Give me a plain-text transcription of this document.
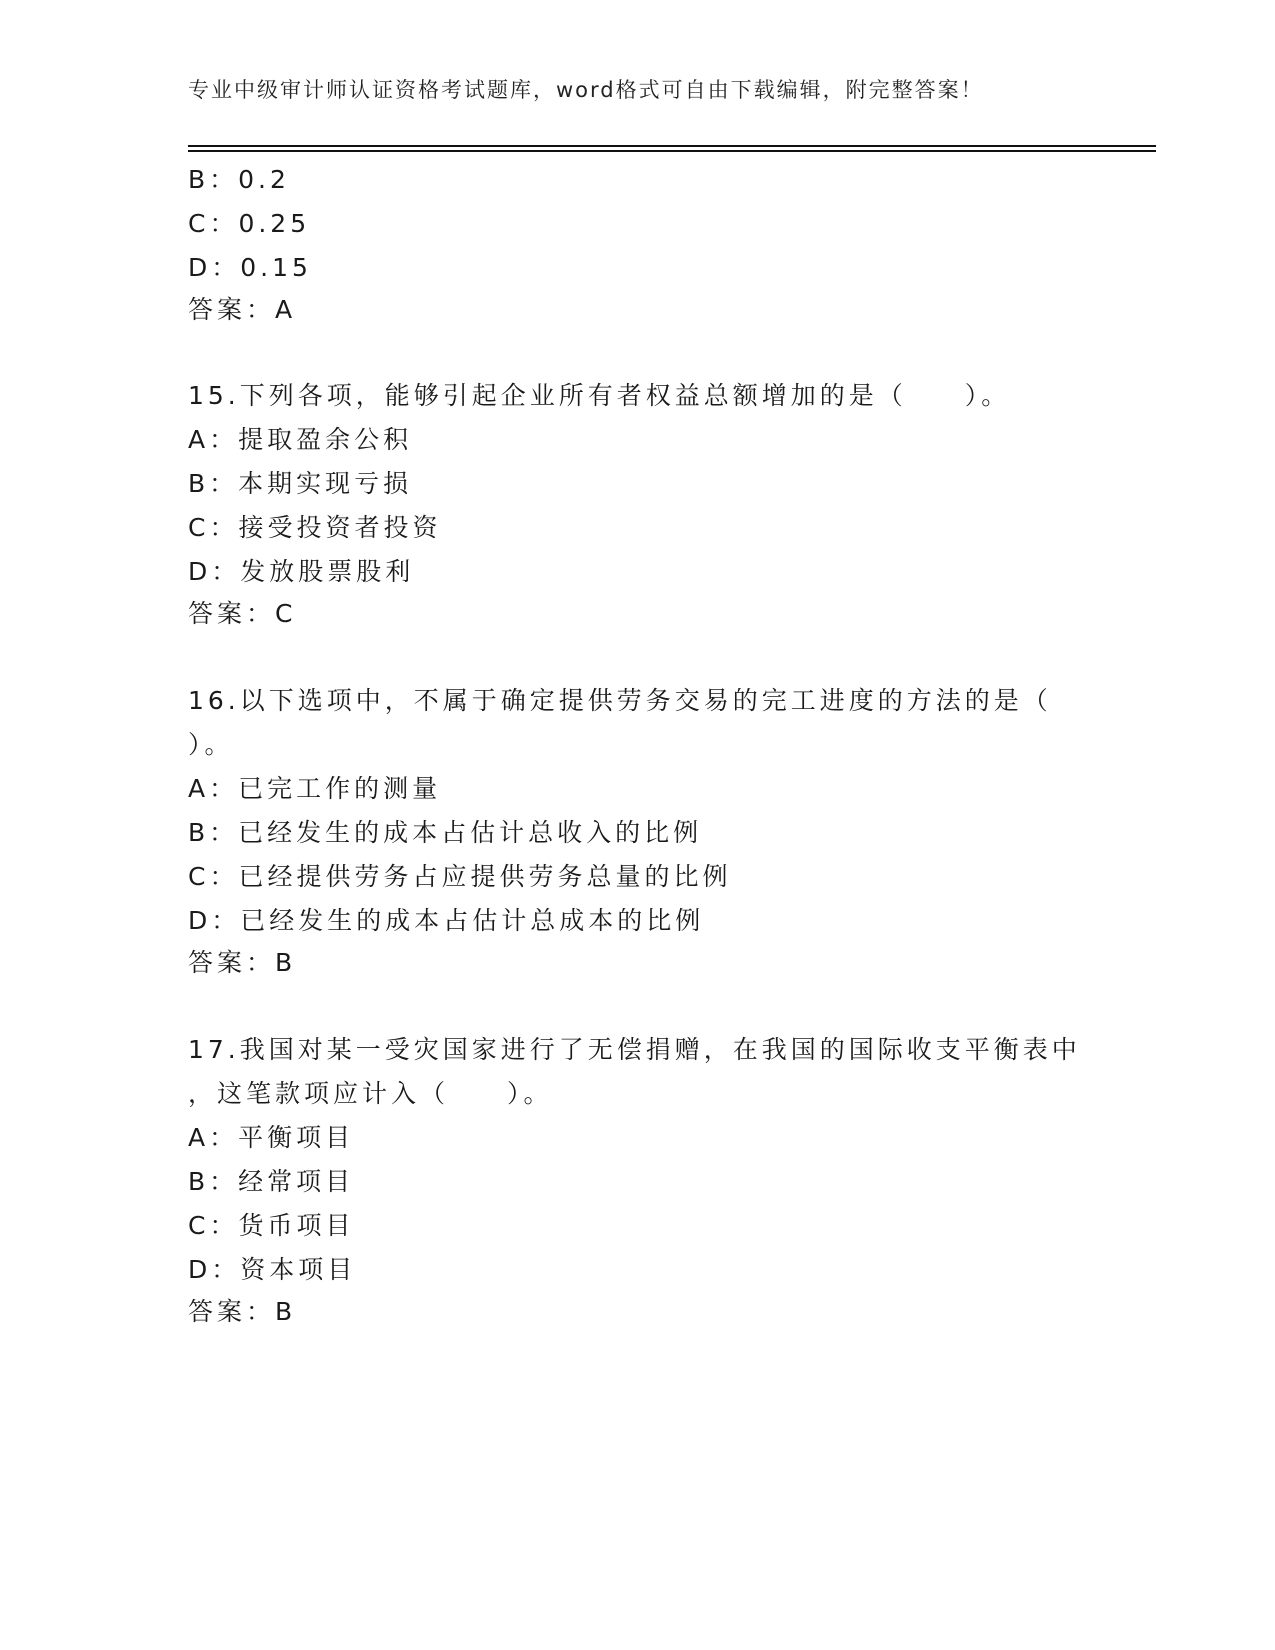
专业中级审计师认证资格考试题库，word格式可自由下载编辑，附完整答案！
B：0.2
C：0.25
D：0.15
答案：A
15.下列各项，能够引起企业所有者权益总额增加的是（　　）。
A：提取盈余公积
B：本期实现亏损
C：接受投资者投资
D：发放股票股利
答案：C
16.以下选项中，不属于确定提供劳务交易的完工进度的方法的是（
）。
A：已完工作的测量
B：已经发生的成本占估计总收入的比例
C：已经提供劳务占应提供劳务总量的比例
D：已经发生的成本占估计总成本的比例
答案：B
17.我国对某一受灾国家进行了无偿捐赠，在我国的国际收支平衡表中
，这笔款项应计入（　　）。
A：平衡项目
B：经常项目
C：货币项目
D：资本项目
答案：B
